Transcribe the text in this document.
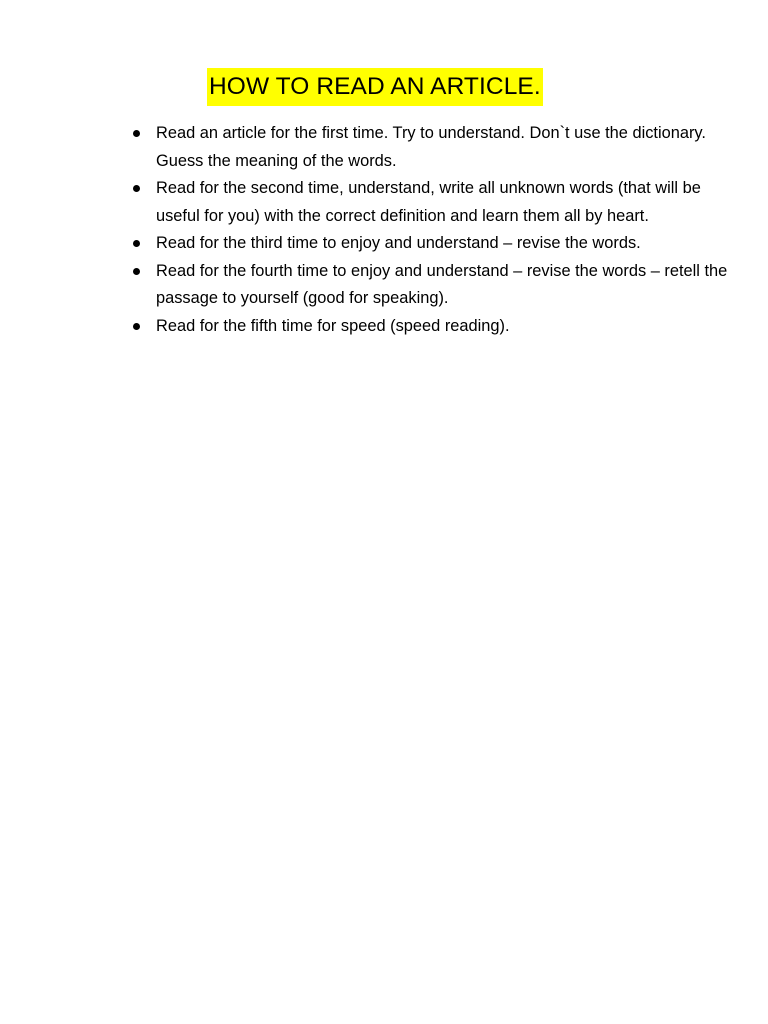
HOW TO READ AN ARTICLE.
Read an article for the first time. Try to understand. Don`t use the dictionary. Guess the meaning of the words.
Read for the second time, understand, write all unknown words (that will be useful for you) with the correct definition and learn them all by heart.
Read for the third time to enjoy and understand – revise the words.
Read for the fourth time to enjoy and understand – revise the words – retell the passage to yourself (good for speaking).
Read for the fifth time for speed (speed reading).
